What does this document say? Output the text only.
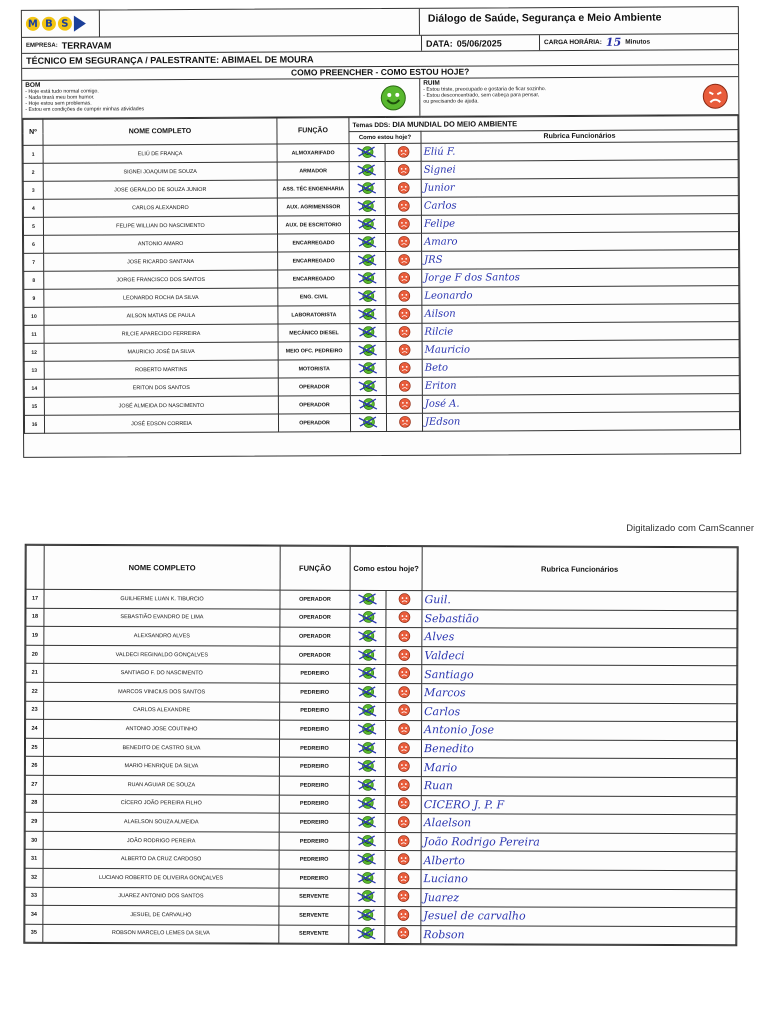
M B S	Diálogo de Saúde, Segurança e Meio Ambiente
EMPRESA: TERRAVAM	DATA: 05/06/2025	CARGA HORÁRIA: 15 Minutos
TÉCNICO EM SEGURANÇA / PALESTRANTE: ABIMAEL DE MOURA
COMO PREENCHER - COMO ESTOU HOJE?
BOM
- Hoje está tudo normal comigo.
- Nada tirará meu bom humor.
- Hoje estou sem problemas.
- Estou em condições de cumprir minhas atividades
RUIM
- Estou triste, preocupado e gostaria de ficar sozinho.
- Estou desconcentrado, sem cabeça para pensar,
ou precisando de ajuda.
Nº	NOME COMPLETO	FUNÇÃO	Temas DDS: DIA MUNDIAL DO MEIO AMBIENTE		
			Como estou hoje?		Rubrica Funcionários
1	ELIÚ DE FRANÇA	ALMOXARIFADO			Eliú F.
2	SIGNEI JOAQUIM DE SOUZA	ARMADOR			Signei
3	JOSE GERALDO DE SOUZA JUNIOR	ASS. TÉC ENGENHARIA			Junior
4	CARLOS ALEXANDRO	AUX. AGRIMENSSOR			Carlos
5	FELIPE WILLIAN DO NASCIMENTO	AUX. DE ESCRITORIO			Felipe
6	ANTONIO AMARO	ENCARREGADO			Amaro
7	JOSE RICARDO SANTANA	ENCARREGADO			JRS
8	JORGE FRANCISCO DOS SANTOS	ENCARREGADO			Jorge F dos Santos
9	LEONARDO ROCHA DA SILVA	ENG. CIVIL			Leonardo
10	AILSON MATIAS DE PAULA	LABORATORISTA			Ailson
11	RILCIE APARECIDO FERREIRA	MECÂNICO DIESEL			Rilcie
12	MAURICIO JOSÉ DA SILVA	MEIO OFC. PEDREIRO			Mauricio
13	ROBERTO MARTINS	MOTORISTA			Beto
14	ERITON DOS SANTOS	OPERADOR			Eriton
15	JOSÉ ALMEIDA DO NASCIMENTO	OPERADOR			José A.
16	JOSÉ EDSON CORREIA	OPERADOR			JEdson
Digitalizado com CamScanner
	NOME COMPLETO	FUNÇÃO	Como estou hoje?		Rubrica Funcionários
17	GUILHERME LUAN K. TIBURCIO	OPERADOR			Guil.
18	SEBASTIÃO EVANDRO DE LIMA	OPERADOR			Sebastião
19	ALEXSANDRO ALVES	OPERADOR			Alves
20	VALDECI REGINALDO GONÇALVES	OPERADOR			Valdeci
21	SANTIAGO F. DO NASCIMENTO	PEDREIRO			Santiago
22	MARCOS VINICIUS DOS SANTOS	PEDREIRO			Marcos
23	CARLOS ALEXANDRE	PEDREIRO			Carlos
24	ANTONIO JOSE COUTINHO	PEDREIRO			Antonio Jose
25	BENEDITO DE CASTRO SILVA	PEDREIRO			Benedito
26	MARIO HENRIQUE DA SILVA	PEDREIRO			Mario
27	RUAN AGUIAR DE SOUZA	PEDREIRO			Ruan
28	CÍCERO JOÃO PEREIRA FILHO	PEDREIRO			CICERO J. P. F
29	ALAELSON SOUZA ALMEIDA	PEDREIRO			Alaelson
30	JOÃO RODRIGO PEREIRA	PEDREIRO			João Rodrigo Pereira
31	ALBERTO DA CRUZ CARDOSO	PEDREIRO			Alberto
32	LUCIANO ROBERTO DE OLIVEIRA GONÇALVES	PEDREIRO			Luciano
33	JUAREZ ANTONIO DOS SANTOS	SERVENTE			Juarez
34	JESUEL DE CARVALHO	SERVENTE			Jesuel de carvalho
35	ROBSON MARCELO LEMES DA SILVA	SERVENTE			Robson
